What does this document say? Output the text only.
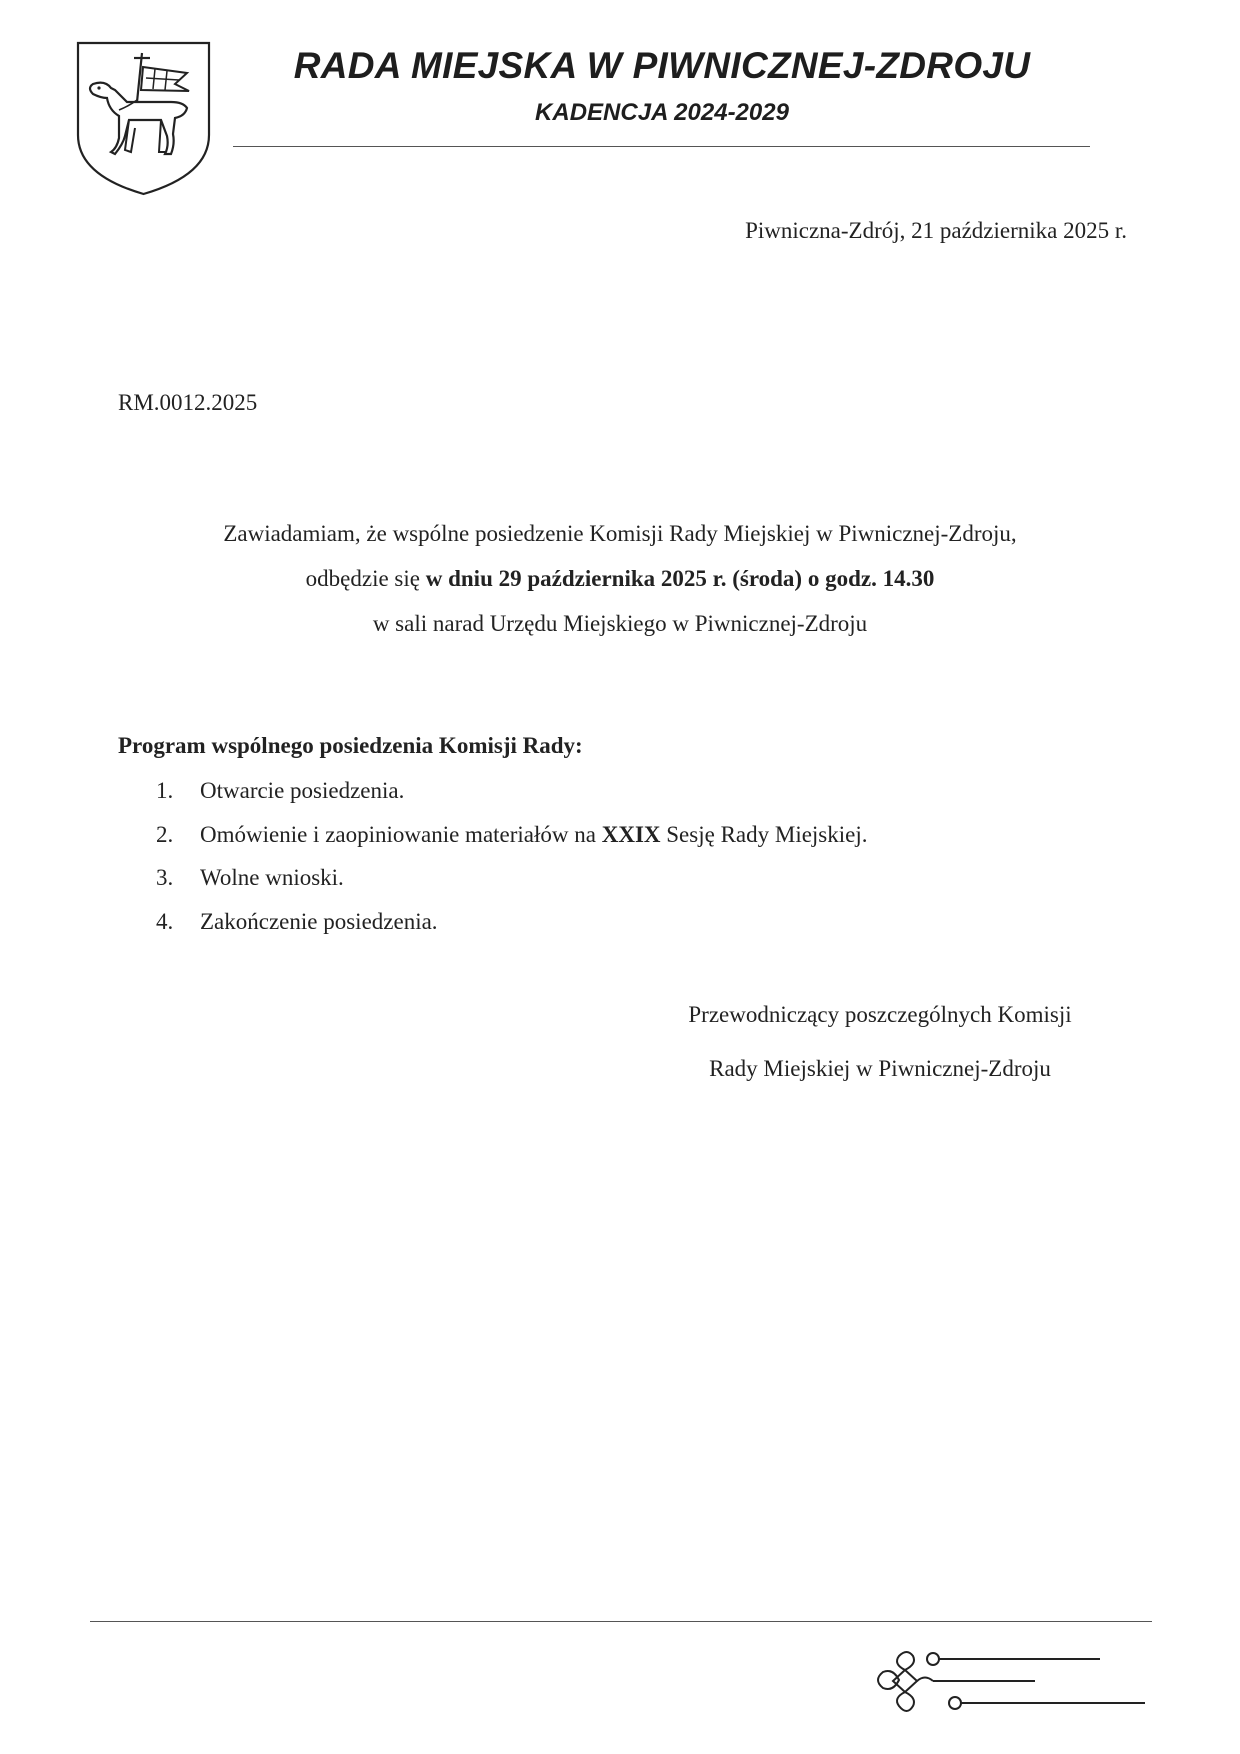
RADA MIEJSKA W PIWNICZNEJ-ZDROJU
KADENCJA 2024-2029
Piwniczna-Zdrój, 21 października 2025 r.
RM.0012.2025

Zawiadamiam, że wspólne posiedzenie Komisji Rady Miejskiej w Piwnicznej-Zdroju,

odbędzie się w dniu 29 października 2025 r. (środa) o godz. 14.30

w sali narad Urzędu Miejskiego w Piwnicznej-Zdroju

Program wspólnego posiedzenia Komisji Rady:
1. Otwarcie posiedzenia.
2. Omówienie i zaopiniowanie materiałów na XXIX Sesję Rady Miejskiej.
3. Wolne wnioski.
4. Zakończenie posiedzenia.

Przewodniczący poszczególnych Komisji

Rady Miejskiej w Piwnicznej-Zdroju
